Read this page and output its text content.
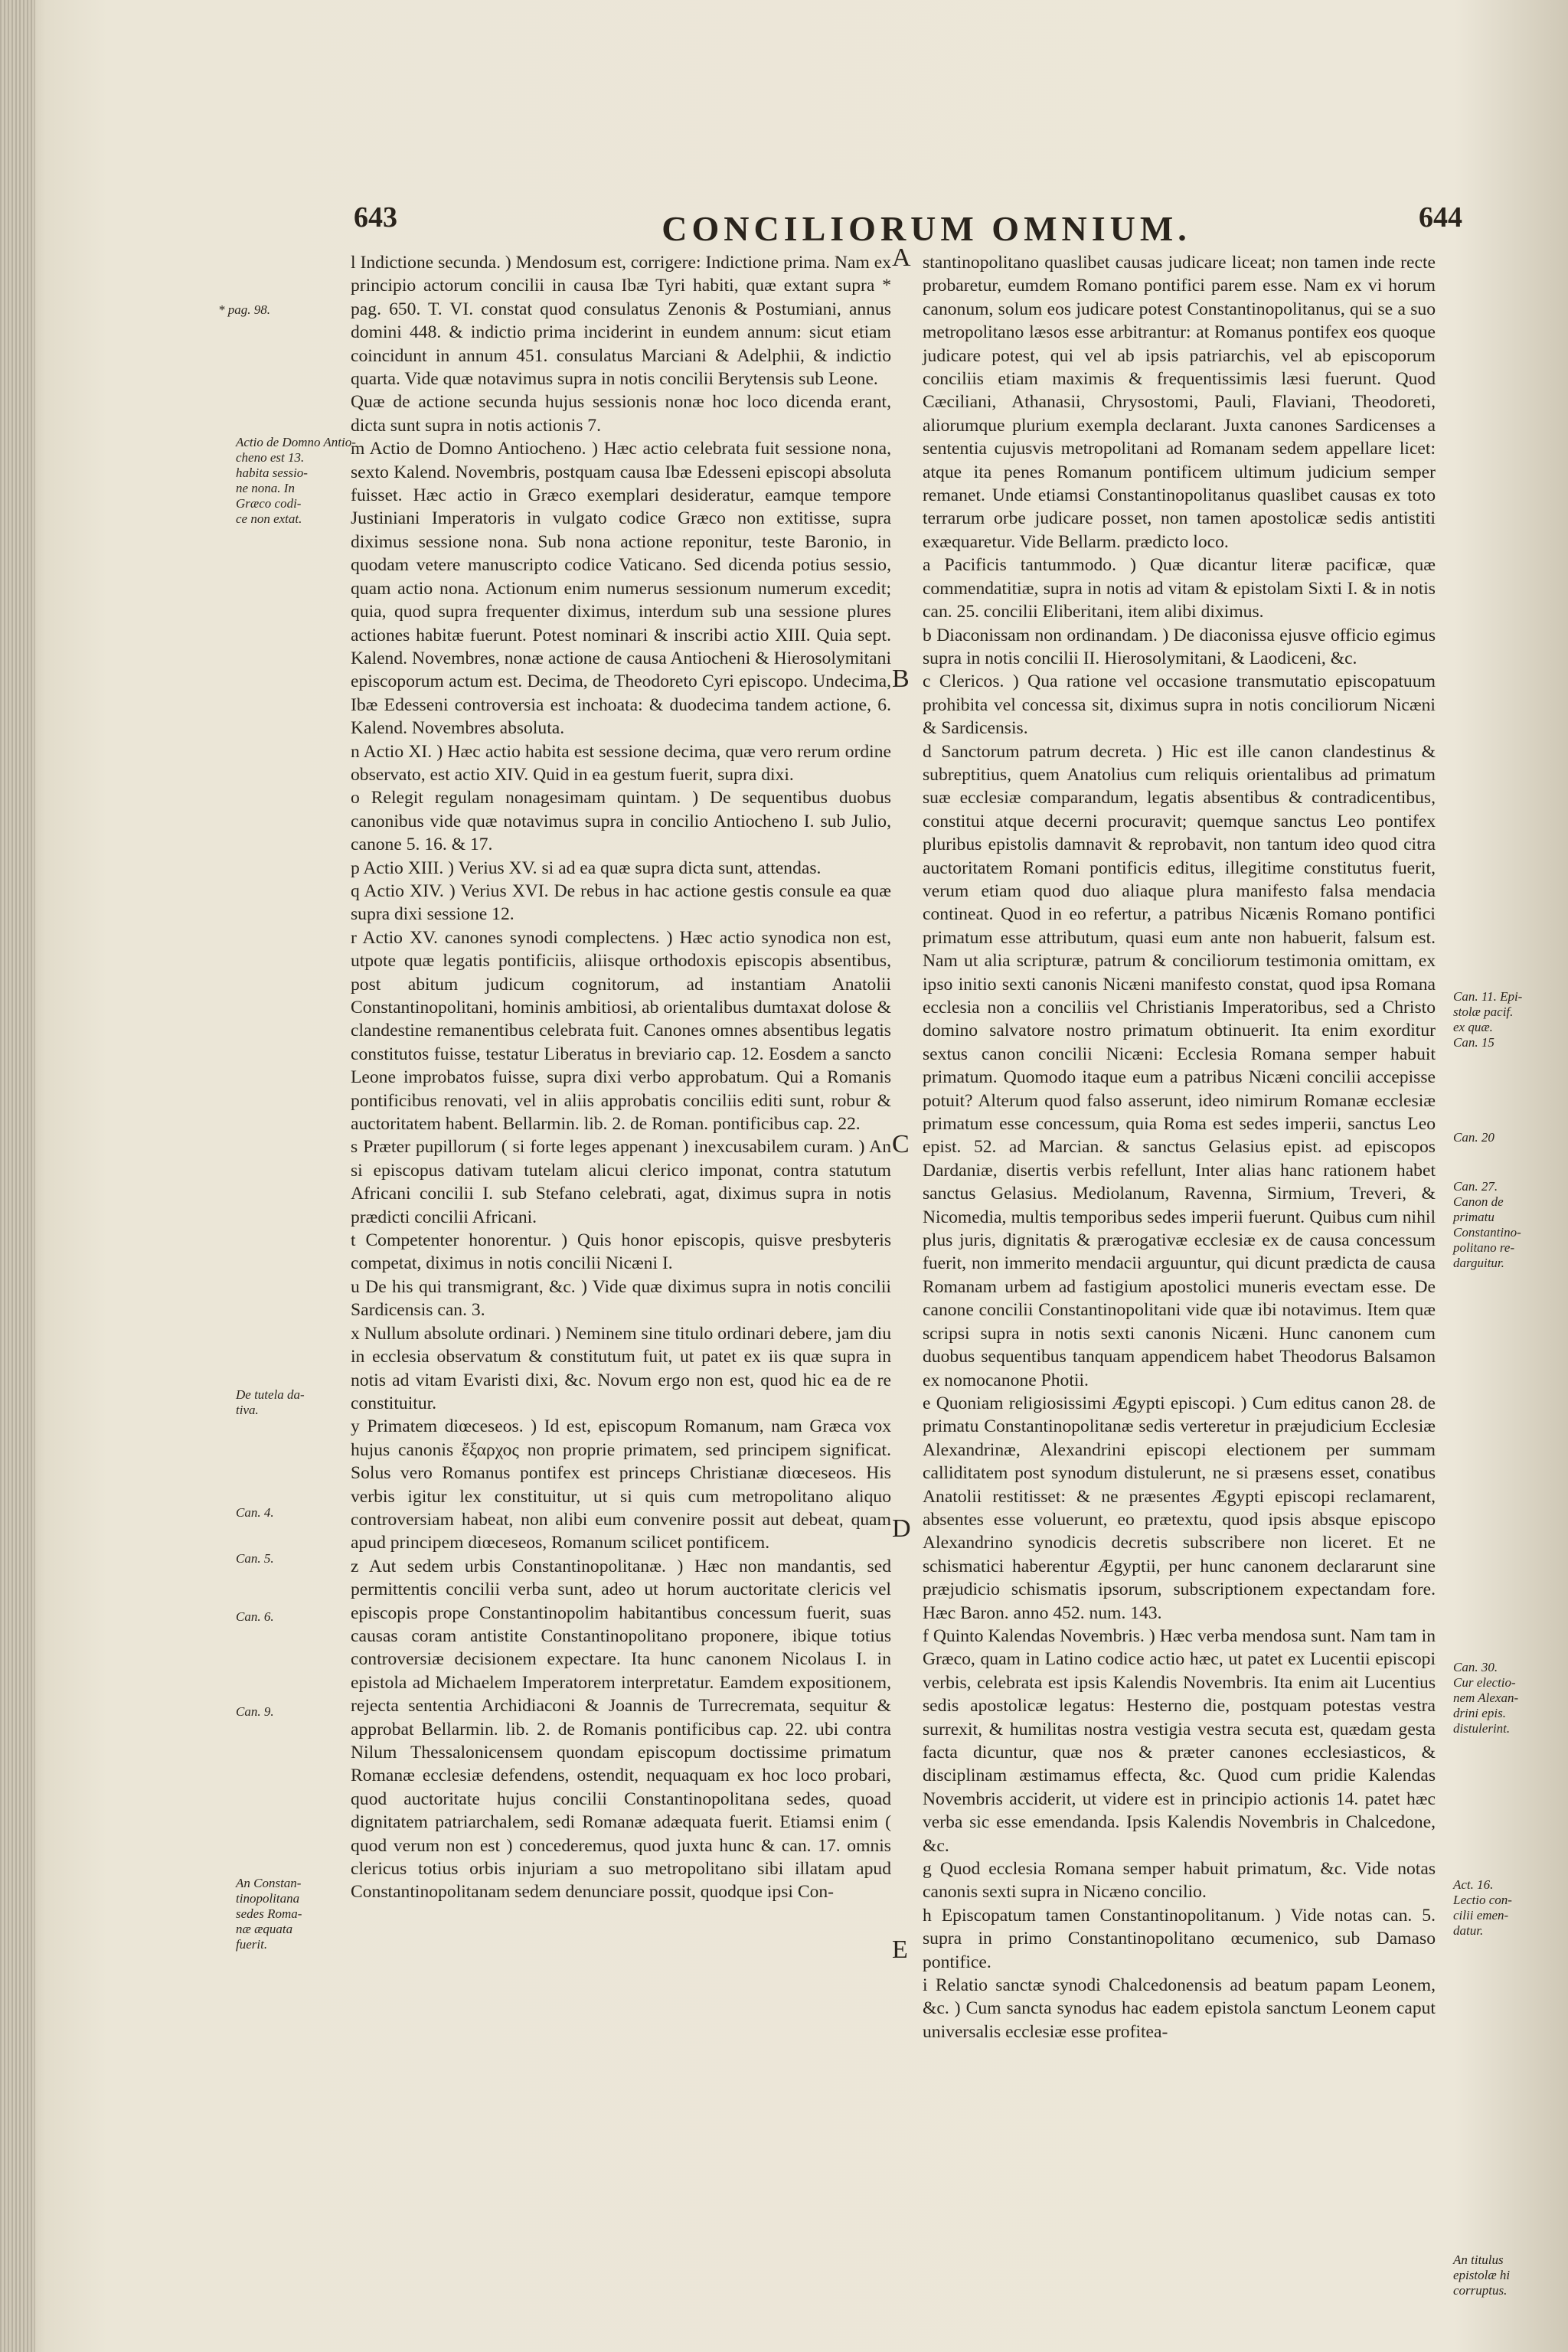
643	CONCILIORUM OMNIUM.	644
* pag. 98.
Actio de Domno Antio-
cheno est 13.
habita sessio-
ne nona. In
Græco codi-
ce non extat.
De tutela da-
tiva.
Can. 4.
Can. 5.
Can. 6.
Can. 9.
An Constan-
tinopolitana
sedes Roma-
næ æquata
fuerit.

l Indictione secunda. ) Mendosum est, corrigere: Indictione prima. Nam ex principio actorum concilii in causa Ibæ Tyri habiti, quæ extant supra * pag. 650. T. VI. constat quod consulatus Zenonis & Postumiani, annus domini 448. & indictio prima inciderint in eundem annum: sicut etiam coincidunt in annum 451. consulatus Marciani & Adelphii, & indictio quarta. Vide quæ notavimus supra in notis concilii Berytensis sub Leone.

Quæ de actione secunda hujus sessionis nonæ hoc loco dicenda erant, dicta sunt supra in notis actionis 7.

m Actio de Domno Antiocheno. ) Hæc actio celebrata fuit sessione nona, sexto Kalend. Novembris, postquam causa Ibæ Edesseni episcopi absoluta fuisset. Hæc actio in Græco exemplari desideratur, eamque temporе Justiniani Imperatoris in vulgato codice Græco non extitisse, supra diximus sessione nona. Sub nona actione reponitur, teste Baronio, in quodam vetere manuscripto codice Vaticano. Sed dicenda potius sessio, quam actio nona. Actionum enim numerus sessionum numerum excedit; quia, quod supra frequenter diximus, interdum sub una sessione plures actiones habitæ fuerunt. Potest nominari & inscribi actio XIII. Quia sept. Kalend. Novembres, nonæ actione de causa Antiocheni & Hierosolymitani episcoporum actum est. Decima, de Theodoreto Cyri episcopo. Undecima, Ibæ Edesseni controversia est inchoata: & duodecima tandem actione, 6. Kalend. Novembres absoluta.

n Actio XI. ) Hæc actio habita est sessione decima, quæ vero rerum ordine observato, est actio XIV. Quid in ea gestum fuerit, supra dixi.

o Relegit regulam nonagesimam quintam. ) De sequentibus duobus canonibus vide quæ notavimus supra in concilio Antiocheno I. sub Julio, canone 5. 16. & 17.

p Actio XIII. ) Verius XV. si ad ea quæ supra dicta sunt, attendas.

q Actio XIV. ) Verius XVI. De rebus in hac actione gestis consule ea quæ supra dixi sessione 12.

r Actio XV. canones synodi complectens. ) Hæc actio synodica non est, utpote quæ legatis pontificiis, aliisque orthodoxis episcopis absentibus, post abitum judicum cognitorum, ad instantiam Anatolii Constantinopolitani, hominis ambitiosi, ab orientalibus dumtaxat dolose & clandestine remanentibus celebrata fuit. Canones omnes absentibus legatis constitutos fuisse, testatur Liberatus in breviario cap. 12. Eosdem a sancto Leone improbatos fuisse, supra dixi verbo approbatum. Qui a Romanis pontificibus renovati, vel in aliis approbatis conciliis editi sunt, robur & auctoritatem habent. Bellarmin. lib. 2. de Roman. pontificibus cap. 22.

s Præter pupillorum ( si forte leges appenant ) inexcusabilem curam. ) An si episcopus dativam tutelam alicui clerico imponat, contra statutum Africani concilii I. sub Stefano celebrati, agat, diximus supra in notis prædicti concilii Africani.

t Competenter honorentur. ) Quis honor episcopis, quisve presbyteris competat, diximus in notis concilii Nicæni I.

u De his qui transmigrant, &c. ) Vide quæ diximus supra in notis concilii Sardicensis can. 3.

x Nullum absolute ordinari. ) Neminem sine titulo ordinari debere, jam diu in ecclesia observatum & constitutum fuit, ut patet ex iis quæ supra in notis ad vitam Evaristi dixi, &c. Novum ergo non est, quod hic ea de re constituitur.

y Primatem diœceseos. ) Id est, episcopum Romanum, nam Græca vox hujus canonis ἔξαρχος non proprie primatem, sed principem significat. Solus vero Romanus pontifex est princeps Christianæ diœceseos. His verbis igitur lex constituitur, ut si quis cum metropolitano aliquo controversiam habeat, non alibi eum convenire possit aut debeat, quam apud principem diœceseos, Romanum scilicet pontificem.

z Aut sedem urbis Constantinopolitanæ. ) Hæc non mandantis, sed permittentis concilii verba sunt, adeo ut horum auctoritate clericis vel episcopis prope Constantinopolim habitantibus concessum fuerit, suas causas coram antistite Constantinopolitano proponere, ibique totius controversiæ decisionem expectare. Ita hunc canonem Nicolaus I. in epistola ad Michaelem Imperatorem interpretatur. Eamdem expositionem, rejecta sententia Archidiaconi & Joannis de Turrecremata, sequitur & approbat Bellarmin. lib. 2. de Romanis pontificibus cap. 22. ubi contra Nilum Thessalonicensem quondam episcopum doctissime primatum Romanæ ecclesiæ defendens, ostendit, nequaquam ex hoc loco probari, quod auctoritate hujus concilii Constantinopolitana sedes, quoad dignitatem patriarchalem, sedi Romanæ adæquata fuerit. Etiamsi enim ( quod verum non est ) concederemus, quod juxta hunc & can. 17. omnis clericus totius orbis injuriam a suo metropolitano sibi illatam apud Constantinopolitanam sedem denunciare possit, quodque ipsi Con-

A
B
C
D
E

stantinopolitano quaslibet causas judicare liceat; non tamen inde recte probaretur, eumdem Romano pontifici parem esse. Nam ex vi horum canonum, solum eos judicare potest Constantinopolitanus, qui se a suo metropolitano læsos esse arbitrantur: at Romanus pontifex eos quoque judicare potest, qui vel ab ipsis patriarchis, vel ab episcoporum conciliis etiam maximis & frequentissimis læsi fuerunt. Quod Cæciliani, Athanasii, Chrysostomi, Pauli, Flaviani, Theodoreti, aliorumque plurium exempla declarant. Juxta canones Sardicenses a sententia cujusvis metropolitani ad Romanam sedem appellare licet: atque ita penes Romanum pontificem ultimum judicium semper remanet. Unde etiamsi Constantinopolitanus quaslibet causas ex toto terrarum orbe judicare posset, non tamen apostolicæ sedis antistiti exæquaretur. Vide Bellarm. prædicto loco.

a Pacificis tantummodo. ) Quæ dicantur literæ pacificæ, quæ commendatitiæ, supra in notis ad vitam & epistolam Sixti I. & in notis can. 25. concilii Eliberitani, item alibi diximus.

b Diaconissam non ordinandam. ) De diaconissa ejusve officio egimus supra in notis concilii II. Hierosolymitani, & Laodiceni, &c.

c Clericos. ) Qua ratione vel occasione transmutatio episcopatuum prohibita vel concessa sit, diximus supra in notis conciliorum Nicæni & Sardicensis.

d Sanctorum patrum decreta. ) Hic est ille canon clandestinus & subreptitius, quem Anatolius cum reliquis orientalibus ad primatum suæ ecclesiæ comparandum, legatis absentibus & contradicentibus, constitui atque decerni procuravit; quemque sanctus Leo pontifex pluribus epistolis damnavit & reprobavit, non tantum ideo quod citra auctoritatem Romani pontificis editus, illegitime constitutus fuerit, verum etiam quod duo aliaque plura manifesto falsa mendacia contineat. Quod in eo refertur, a patribus Nicænis Romano pontifici primatum esse attributum, quasi eum ante non habuerit, falsum est. Nam ut alia scripturæ, patrum & conciliorum testimonia omittam, ex ipso initio sexti canonis Nicæni manifesto constat, quod ipsa Romana ecclesia non a conciliis vel Christianis Imperatoribus, sed a Christo domino salvatore nostro primatum obtinuerit. Ita enim exorditur sextus canon concilii Nicæni: Ecclesia Romana semper habuit primatum. Quomodo itaque eum a patribus Nicæni concilii accepisse potuit? Alterum quod falso asserunt, ideo nimirum Romanæ ecclesiæ primatum esse concessum, quia Roma est sedes imperii, sanctus Leo epist. 52. ad Marcian. & sanctus Gelasius epist. ad episcopos Dardaniæ, disertis verbis refellunt, Inter alias hanc rationem habet sanctus Gelasius. Mediolanum, Ravenna, Sirmium, Treveri, & Nicomedia, multis temporibus sedes imperii fuerunt. Quibus cum nihil plus juris, dignitatis & prærogativæ ecclesiæ ex de causa concessum fuerit, non immerito mendacii arguuntur, qui dicunt prædicta de causa Romanam urbem ad fastigium apostolici muneris evectam esse. De canone concilii Constantinopolitani vide quæ ibi notavimus. Item quæ scripsi supra in notis sexti canonis Nicæni. Hunc canonem cum duobus sequentibus tanquam appendicem habet Theodorus Balsamon ex nomocanone Photii.

e Quoniam religiosissimi Ægypti episcopi. ) Cum editus canon 28. de primatu Constantinopolitanæ sedis verteretur in præjudicium Ecclesiæ Alexandrinæ, Alexandrini episcopi electionem per summam calliditatem post synodum distulerunt, ne si præsens esset, conatibus Anatolii restitisset: & ne præsentes Ægypti episcopi reclamarent, absentes esse voluerunt, eo prætextu, quod ipsis absque episcopo Alexandrino synodicis decretis subscribere non liceret. Et ne schismatici haberentur Ægyptii, per hunc canonem declararunt sine præjudicio schismatis ipsorum, subscriptionem expectandam fore. Hæc Baron. anno 452. num. 143.

f Quinto Kalendas Novembris. ) Hæc verba mendosa sunt. Nam tam in Græco, quam in Latino codice actio hæc, ut patet ex Lucentii episcopi verbis, celebrata est ipsis Kalendis Novembris. Ita enim ait Lucentius sedis apostolicæ legatus: Hesterno die, postquam potestas vestra surrexit, & humilitas nostra vestigia vestra secuta est, quædam gesta facta dicuntur, quæ nos & præter canones ecclesiasticos, & disciplinam æstimamus effecta, &c. Quod cum pridie Kalendas Novembris acciderit, ut videre est in principio actionis 14. patet hæc verba sic esse emendanda. Ipsis Kalendis Novembris in Chalcedone, &c.

g Quod ecclesia Romana semper habuit primatum, &c. Vide notas canonis sexti supra in Nicæno concilio.

h Episcopatum tamen Constantinopolitanum. ) Vide notas can. 5. supra in primo Constantinopolitano œcumenico, sub Damaso pontifice.

i Relatio sanctæ synodi Chalcedonensis ad beatum papam Leonem, &c. ) Cum sancta synodus hac eadem epistola sanctum Leonem caput universalis ecclesiæ esse profitea-

Can. 11. Epi-
stolæ pacif.
ex quæ.
Can. 15
Can. 20
Can. 27.
Canon de
primatu
Constantino-
politano re-
darguitur.
Can. 30.
Cur electio-
nem Alexan-
drini epis.
distulerint.
Act. 16.
Lectio con-
cilii emen-
datur.
An titulus
epistolæ hi
corruptus.
